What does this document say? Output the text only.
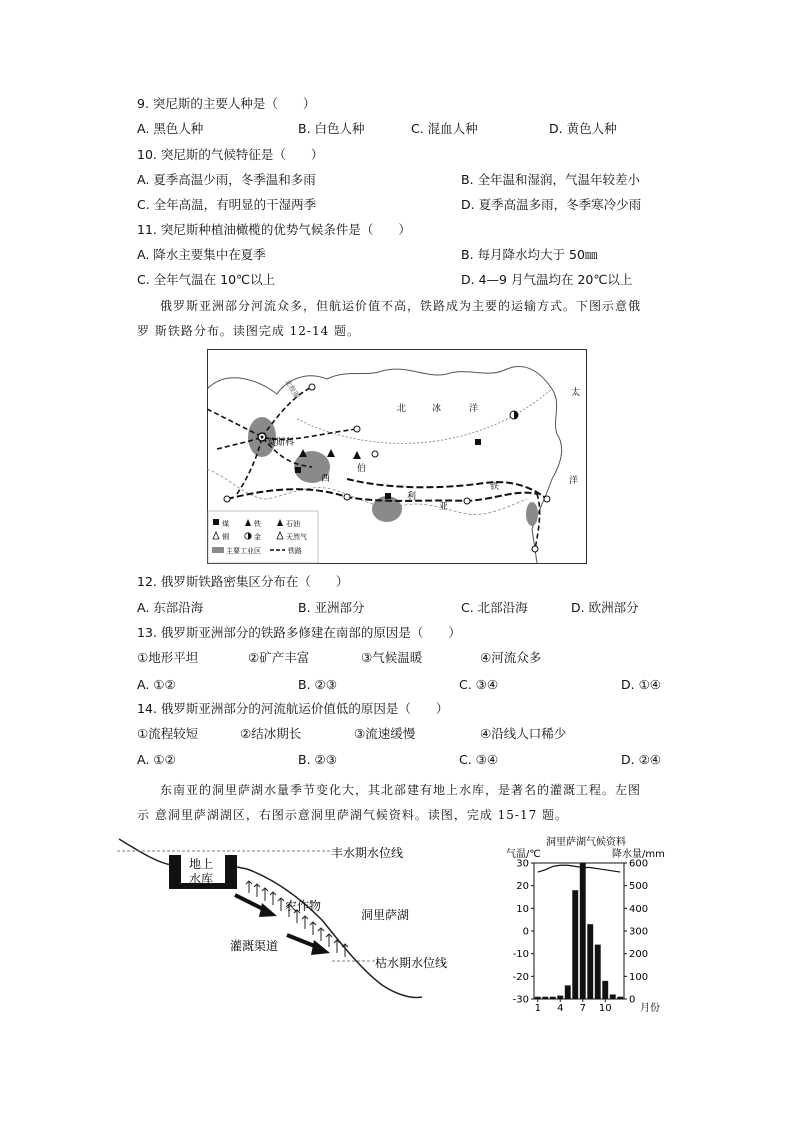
9. 突尼斯的主要人种是（　　）
A. 黑色人种	B. 白色人种	C. 混血人种	D. 黄色人种
10. 突尼斯的气候特征是（　　）
A. 夏季高温少雨，冬季温和多雨	B. 全年温和湿润，气温年较差小
C. 全年高温，有明显的干湿两季	D. 夏季高温多雨，冬季寒冷少雨
11. 突尼斯种植油橄榄的优势气候条件是（　　）
A. 降水主要集中在夏季	B. 每月降水均大于 50㎜
C. 全年气温在 10℃以上	D. 4—9 月气温均在 20℃以上
俄罗斯亚洲部分河流众多，但航运价值不高，铁路成为主要的运输方式。下图示意俄
罗 斯铁路分布。读图完成 12-14 题。
莫斯科
北	冰	洋
太
洋
铁
西
伯
利
亚
北极圈
煤	铁	石油
铜	金	天然气
主要工业区	铁路
12. 俄罗斯铁路密集区分布在（　　）
A. 东部沿海	B. 亚洲部分	C. 北部沿海	D. 欧洲部分
13. 俄罗斯亚洲部分的铁路多修建在南部的原因是（　　）
①地形平坦	②矿产丰富	③气候温暖	④河流众多
A. ①②	B. ②③	C. ③④	D. ①④
14. 俄罗斯亚洲部分的河流航运价值低的原因是（　　）
①流程较短	②结冰期长	③流速缓慢	④沿线人口稀少
A. ①②	B. ②③	C. ③④	D. ②④
东南亚的洞里萨湖水量季节变化大，其北部建有地上水库，是著名的灌溉工程。左图
示 意洞里萨湖湖区，右图示意洞里萨湖气候资料。读图，完成 15-17 题。
丰水期水位线
地上
水库
农作物
洞里萨湖
灌溉渠道
枯水期水位线
洞里萨湖气候资料
气温/℃	降水量/mm
30
20
10
0
-10
-20
-30
600
500
400
300
200
100
0
1 4 7 10	月份
